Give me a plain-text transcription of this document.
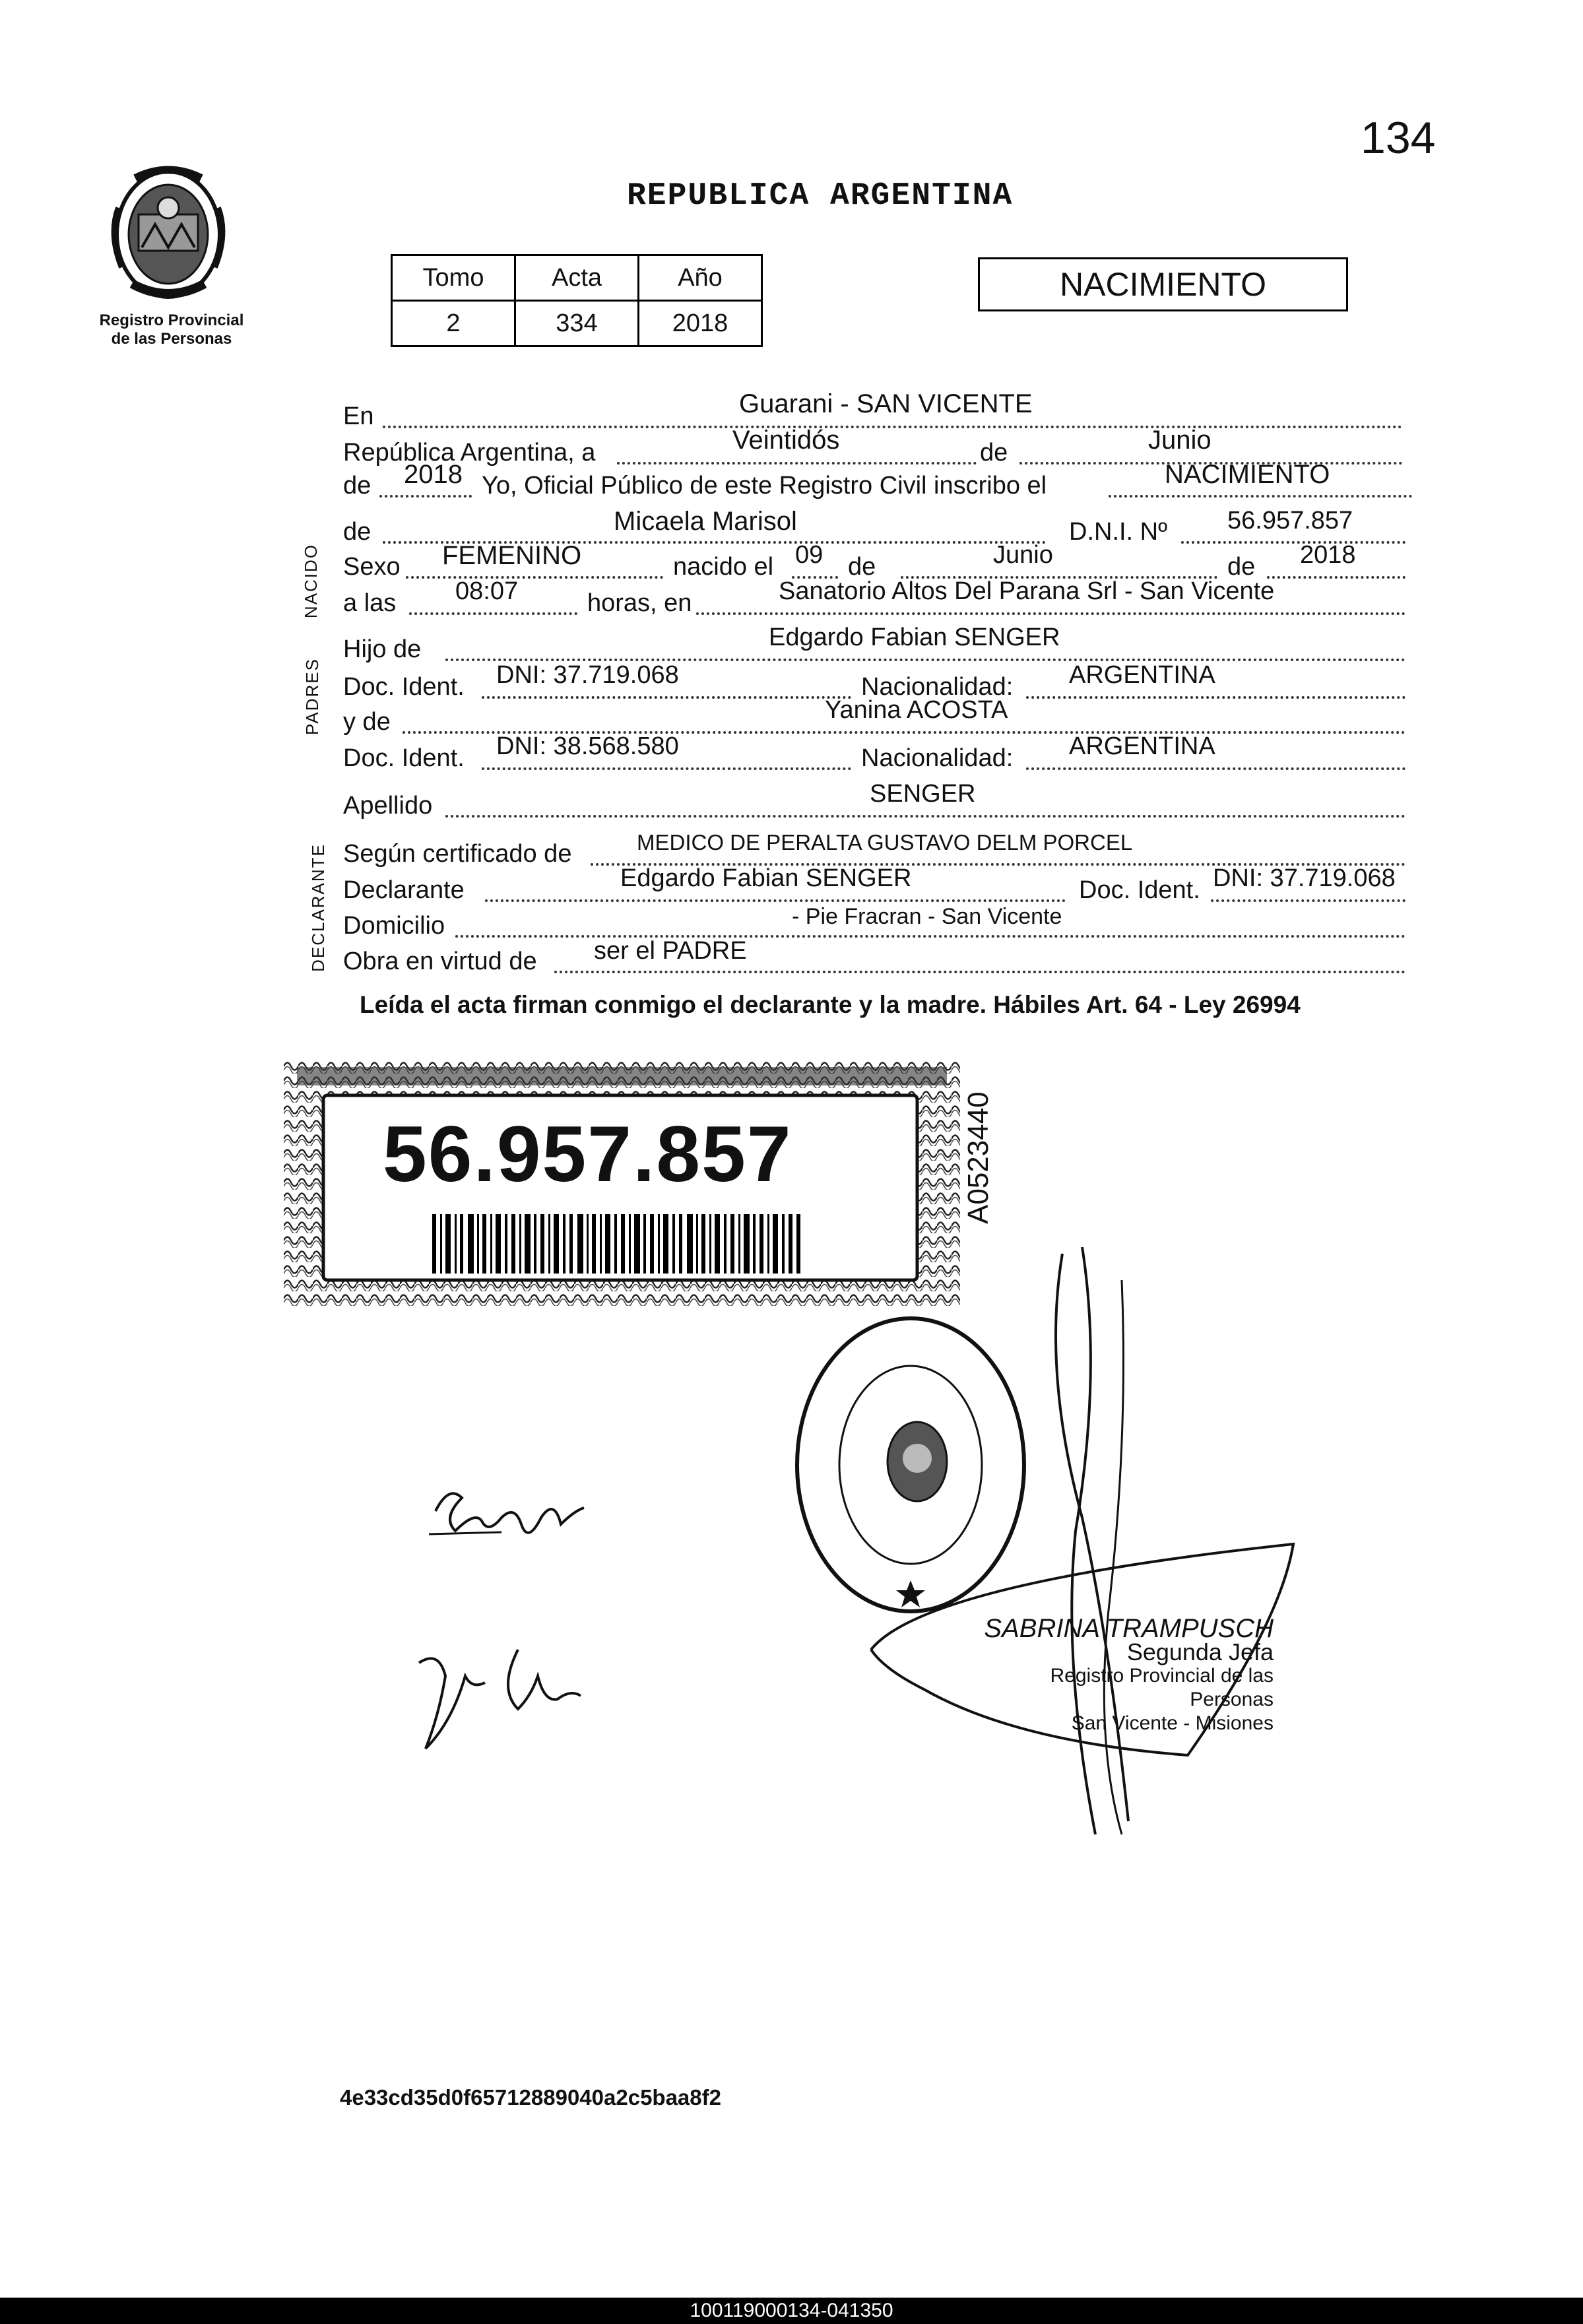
134
Registro Provincial
de las Personas
REPUBLICA ARGENTINA
Tomo	Acta	Año
2	334	2018
NACIMIENTO
NACIDO
PADRES
DECLARANTE
En	Guarani - SAN VICENTE
República Argentina, a	Veintidós	de	Junio
de 2018 Yo, Oficial Público de este Registro Civil inscribo el	NACIMIENTO
de	Micaela Marisol	D.N.I. Nº 56.957.857
Sexo FEMENINO	nacido el 09 de	Junio	de 2018
a las 08:07	horas, en	Sanatorio Altos Del Parana Srl - San Vicente
Hijo de	Edgardo Fabian SENGER
Doc. Ident. DNI: 37.719.068	Nacionalidad: ARGENTINA
y de	Yanina ACOSTA
Doc. Ident. DNI: 38.568.580	Nacionalidad: ARGENTINA
Apellido	SENGER
Según certificado de	MEDICO DE PERALTA GUSTAVO DELM PORCEL
Declarante	Edgardo Fabian SENGER	Doc. Ident. DNI: 37.719.068
Domicilio	- Pie Fracran - San Vicente
Obra en virtud de ser el PADRE
Leída el acta firman conmigo el declarante y la madre. Hábiles Art. 64 - Ley 26994
56.957.857	A0523440
SABRINA TRAMPUSCH
Segunda Jefa
Registro Provincial de las Personas
San Vicente - Misiones
4e33cd35d0f65712889040a2c5baa8f2
100119000134-041350
